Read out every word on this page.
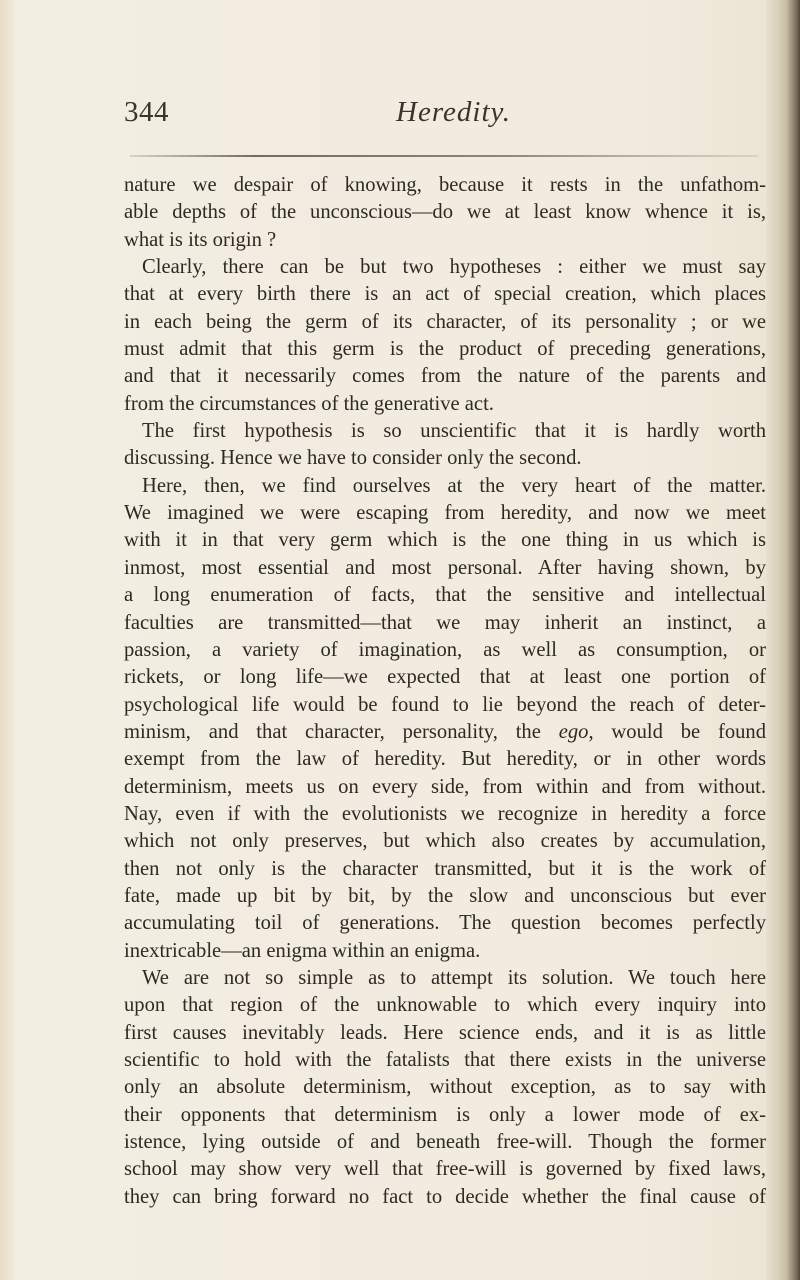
344	Heredity.
nature we despair of knowing, because it rests in the unfathom-
able depths of the unconscious—do we at least know whence it is,
what is its origin ?
Clearly, there can be but two hypotheses : either we must say
that at every birth there is an act of special creation, which places
in each being the germ of its character, of its personality ; or we
must admit that this germ is the product of preceding generations,
and that it necessarily comes from the nature of the parents and
from the circumstances of the generative act.
The first hypothesis is so unscientific that it is hardly worth
discussing. Hence we have to consider only the second.
Here, then, we find ourselves at the very heart of the matter.
We imagined we were escaping from heredity, and now we meet
with it in that very germ which is the one thing in us which is
inmost, most essential and most personal. After having shown, by
a long enumeration of facts, that the sensitive and intellectual
faculties are transmitted—that we may inherit an instinct, a
passion, a variety of imagination, as well as consumption, or
rickets, or long life—we expected that at least one portion of
psychological life would be found to lie beyond the reach of deter-
minism, and that character, personality, the ego, would be found
exempt from the law of heredity. But heredity, or in other words
determinism, meets us on every side, from within and from without.
Nay, even if with the evolutionists we recognize in heredity a force
which not only preserves, but which also creates by accumulation,
then not only is the character transmitted, but it is the work of
fate, made up bit by bit, by the slow and unconscious but ever
accumulating toil of generations. The question becomes perfectly
inextricable—an enigma within an enigma.
We are not so simple as to attempt its solution. We touch here
upon that region of the unknowable to which every inquiry into
first causes inevitably leads. Here science ends, and it is as little
scientific to hold with the fatalists that there exists in the universe
only an absolute determinism, without exception, as to say with
their opponents that determinism is only a lower mode of ex-
istence, lying outside of and beneath free-will. Though the former
school may show very well that free-will is governed by fixed laws,
they can bring forward no fact to decide whether the final cause of
